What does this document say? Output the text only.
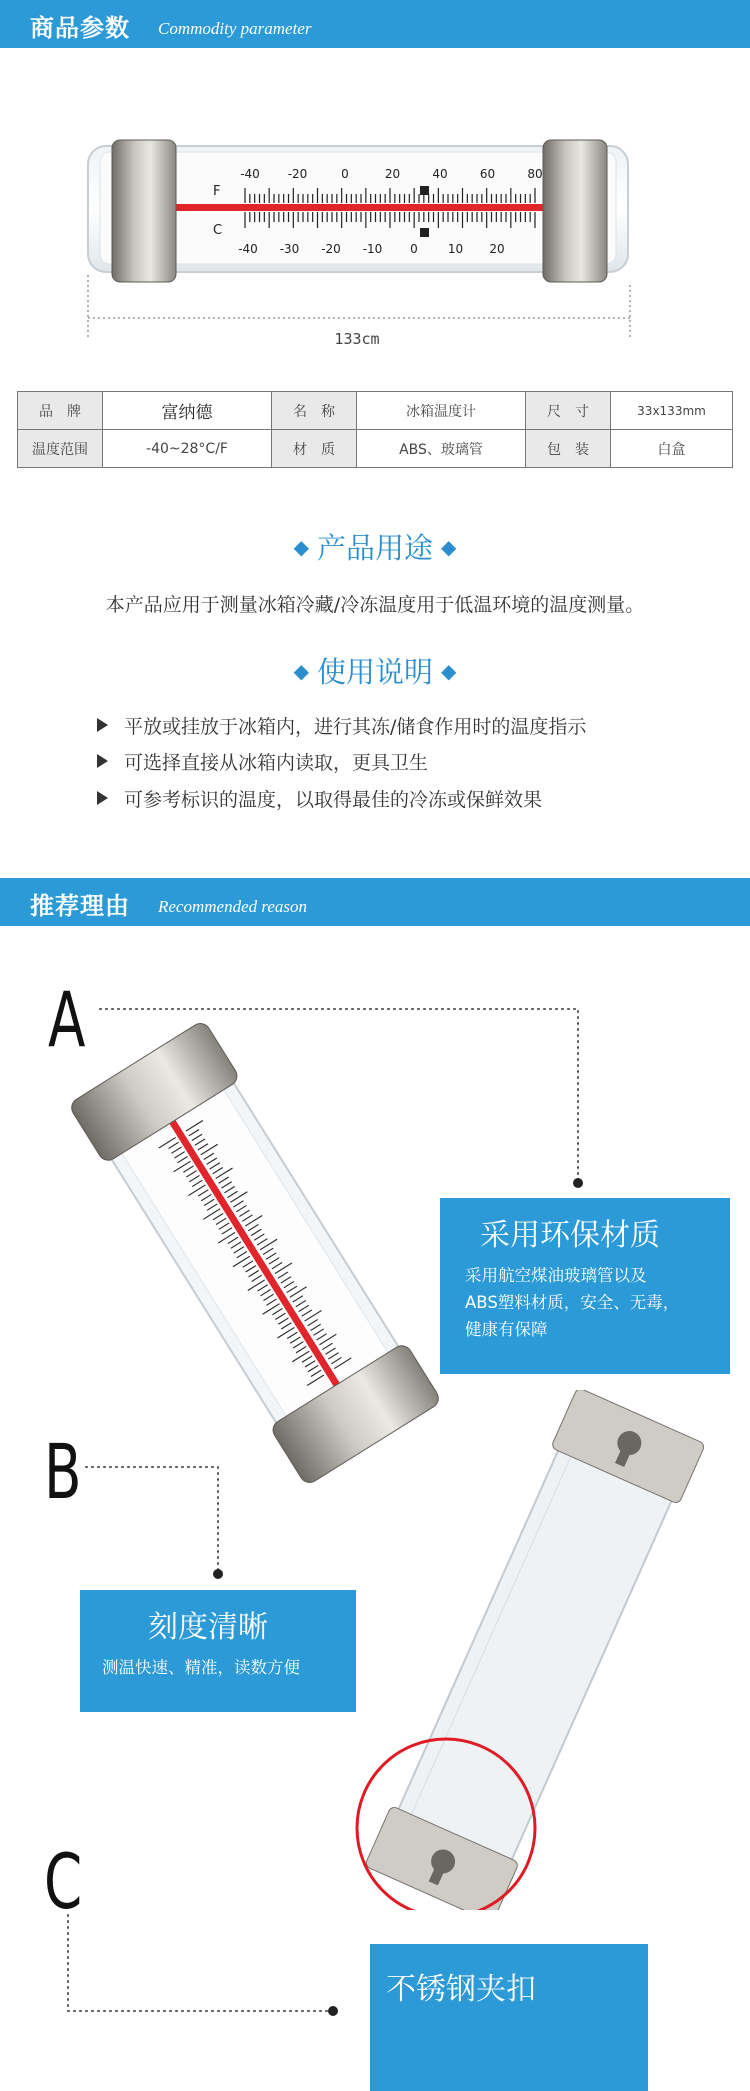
商品参数 Commodity parameter
F
C
-40 -20	0	20	40	60	80
-40 -30 -20 -10 0	10 20
133cm
品　牌	富纳德	名　称	冰箱温度计	尺　寸	33x133mm
温度范围	-40~28°C/F	材　质	ABS、玻璃管	包　装	白盒
◆ 产品用途 ◆
本产品应用于测量冰箱冷藏/冷冻温度用于低温环境的温度测量。
◆ 使用说明 ◆
平放或挂放于冰箱内，进行其冻/储食作用时的温度指示
可选择直接从冰箱内读取，更具卫生
可参考标识的温度，以取得最佳的冷冻或保鲜效果
推荐理由 Recommended reason
A
B
C
采用环保材质
采用航空煤油玻璃管以及
ABS塑料材质，安全、无毒，
健康有保障
刻度清晰
测温快速、精准，读数方便
不锈钢夹扣
